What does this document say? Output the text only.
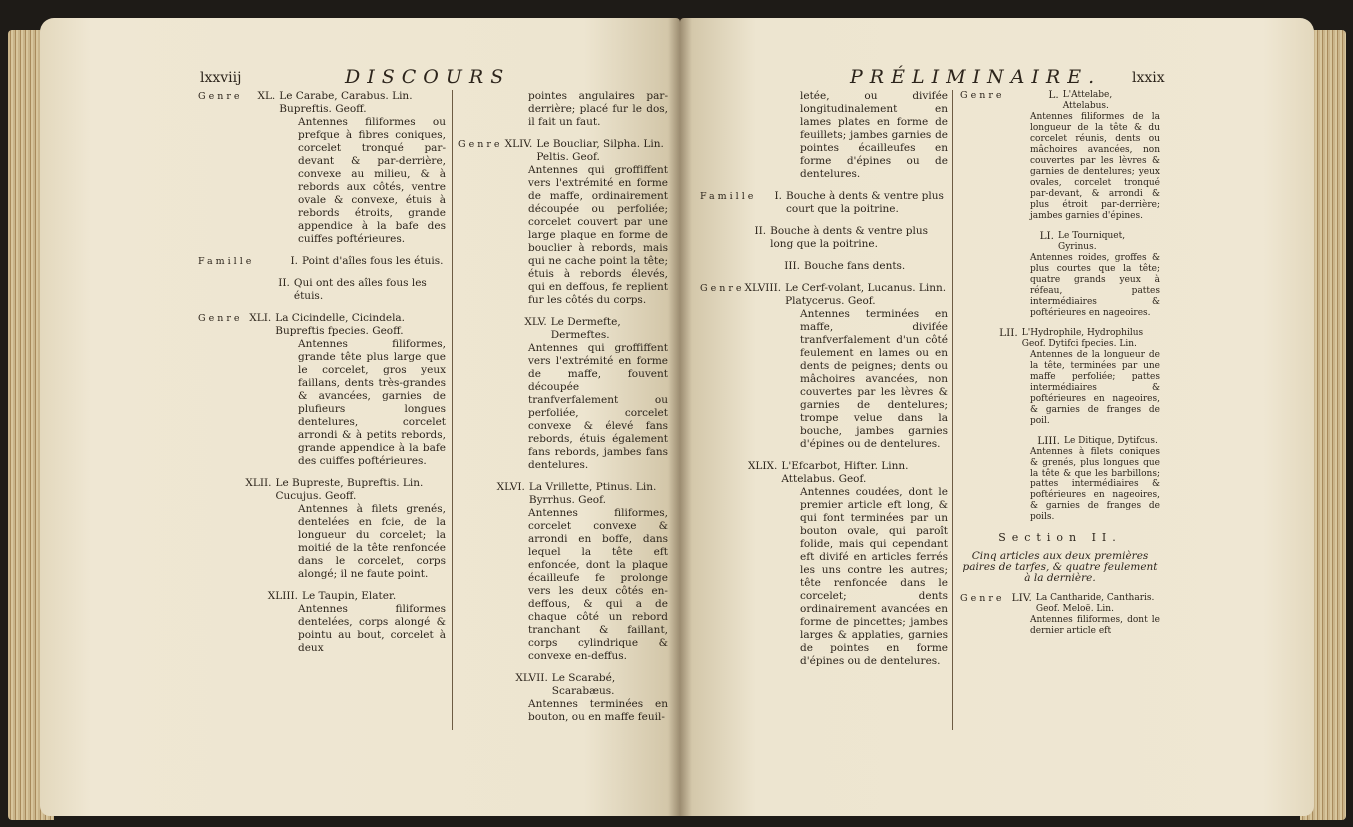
lxxviij	DISCOURS
Genre	XL. Le Carabe, Carabus. Lin. Bupreftis. Geoff.
Antennes filiformes ou prefque à fibres coniques, corcelet tronqué par-devant & par-derrière, convexe au milieu, & à rebords aux côtés, ventre ovale & convexe, étuis à rebords étroits, grande appendice à la bafe des cuiffes poftérieures.
Famille	I. Point d'aîles fous les étuis.
II. Qui ont des aîles fous les étuis.
Genre XLI. La Cicindelle, Cicindela. Bupreftis fpecies. Geoff.
Antennes filiformes, grande tête plus large que le corcelet, gros yeux faillans, dents très-grandes & avancées, garnies de plufieurs longues dentelures, corcelet arrondi & à petits rebords, grande appendice à la bafe des cuiffes poftérieures.
XLII. Le Bupreste, Bupreftis. Lin. Cucujus. Geoff.
Antennes à filets grenés, dentelées en fcie, de la longueur du corcelet; la moitié de la tête renfoncée dans le corcelet, corps alongé; il ne faute point.
XLIII. Le Taupin, Elater.
Antennes filiformes dentelées, corps alongé & pointu au bout, corcelet à deux
pointes angulaires par-derrière; placé fur le dos, il fait un faut.
Genre XLIV. Le Boucliar, Silpha. Lin. Peltis. Geof.
Antennes qui groffiffent vers l'extrémité en forme de maffe, ordinairement découpée ou perfoliée; corcelet couvert par une large plaque en forme de bouclier à rebords, mais qui ne cache point la tête; étuis à rebords élevés, qui en deffous, fe replient fur les côtés du corps.
XLV. Le Dermefte, Dermeftes.
Antennes qui groffiffent vers l'extrémité en forme de maffe, fouvent découpée tranfverfalement ou perfoliée, corcelet convexe & élevé fans rebords, étuis également fans rebords, jambes fans dentelures.
XLVI. La Vrillette, Ptinus. Lin. Byrrhus. Geof.
Antennes filiformes, corcelet convexe & arrondi en boffe, dans lequel la tête eft enfoncée, dont la plaque écailleufe fe prolonge vers les deux côtés en-deffous, & qui a de chaque côté un rebord tranchant & faillant, corps cylindrique & convexe en-deffus.
XLVII. Le Scarabé, Scarabæus.
Antennes terminées en bouton, ou en maffe feuil-
PRÉLIMINAIRE. lxxix
letée, ou divifée longitudinalement en lames plates en forme de feuillets; jambes garnies de pointes écailleufes en forme d'épines ou de dentelures.
Famille	I. Bouche à dents & ventre plus court que la poitrine.
II. Bouche à dents & ventre plus long que la poitrine.
III. Bouche fans dents.
Genre XLVIII. Le Cerf-volant, Lucanus. Linn. Platycerus. Geof.
Antennes terminées en maffe, divifée tranfverfalement d'un côté feulement en lames ou en dents de peignes; dents ou mâchoires avancées, non couvertes par les lèvres & garnies de dentelures; trompe velue dans la bouche, jambes garnies d'épines ou de dentelures.
XLIX. L'Efcarbot, Hifter. Linn. Attelabus. Geof.
Antennes coudées, dont le premier article eft long, & qui font terminées par un bouton ovale, qui paroît folide, mais qui cependant eft divifé en articles ferrés les uns contre les autres; tête renfoncée dans le corcelet; dents ordinairement avancées en forme de pincettes; jambes larges & applaties, garnies de pointes en forme d'épines ou de dentelures.
Genre	L. L'Attelabe, Attelabus.
Antennes filiformes de la longueur de la tête & du corcelet réunis, dents ou mâchoires avancées, non couvertes par les lèvres & garnies de dentelures; yeux ovales, corcelet tronqué par-devant, & arrondi & plus étroit par-derrière; jambes garnies d'épines.
LI. Le Tourniquet, Gyrinus.
Antennes roides, groffes & plus courtes que la tête; quatre grands yeux à réfeau, pattes intermédiaires & poftérieures en nageoires.
LII. L'Hydrophile, Hydrophilus Geof. Dytifci fpecies. Lin.
Antennes de la longueur de la tête, terminées par une maffe perfoliée; pattes intermédiaires & poftérieures en nageoires, & garnies de franges de poil.
LIII. Le Ditique, Dytifcus.
Antennes à filets coniques & grenés, plus longues que la tête & que les barbillons; pattes intermédiaires & poftérieures en nageoires, & garnies de franges de poils.
Section II.
Cinq articles aux deux premières paires de tarfes, & quatre feulement à la dernière.
Genre LIV. La Cantharide, Cantharis. Geof. Meloë. Lin.
Antennes filiformes, dont le dernier article eft
